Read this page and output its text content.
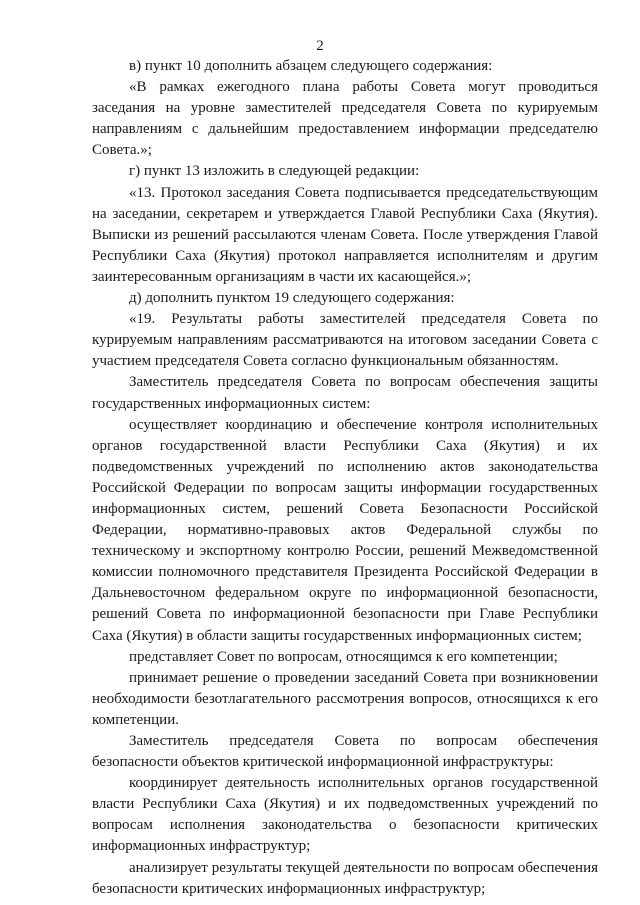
2

в) пункт 10 дополнить абзацем следующего содержания:

«В рамках ежегодного плана работы Совета могут проводиться заседания на уровне заместителей председателя Совета по курируемым направлениям с дальнейшим предоставлением информации председателю Совета.»;

г) пункт 13 изложить в следующей редакции:

«13. Протокол заседания Совета подписывается председательствующим на заседании, секретарем и утверждается Главой Республики Саха (Якутия). Выписки из решений рассылаются членам Совета. После утверждения Главой Республики Саха (Якутия) протокол направляется исполнителям и другим заинтересованным организациям в части их касающейся.»;

д) дополнить пунктом 19 следующего содержания:

«19. Результаты работы заместителей председателя Совета по курируемым направлениям рассматриваются на итоговом заседании Совета с участием председателя Совета согласно функциональным обязанностям.

Заместитель председателя Совета по вопросам обеспечения защиты государственных информационных систем:

осуществляет координацию и обеспечение контроля исполнительных органов государственной власти Республики Саха (Якутия) и их подведомственных учреждений по исполнению актов законодательства Российской Федерации по вопросам защиты информации государственных информационных систем, решений Совета Безопасности Российской Федерации, нормативно-правовых актов Федеральной службы по техническому и экспортному контролю России, решений Межведомственной комиссии полномочного представителя Президента Российской Федерации в Дальневосточном федеральном округе по информационной безопасности, решений Совета по информационной безопасности при Главе Республики Саха (Якутия) в области защиты государственных информационных систем;

представляет Совет по вопросам, относящимся к его компетенции;

принимает решение о проведении заседаний Совета при возникновении необходимости безотлагательного рассмотрения вопросов, относящихся к его компетенции.

Заместитель председателя Совета по вопросам обеспечения безопасности объектов критической информационной инфраструктуры:

координирует деятельность исполнительных органов государственной власти Республики Саха (Якутия) и их подведомственных учреждений по вопросам исполнения законодательства о безопасности критических информационных инфраструктур;

анализирует результаты текущей деятельности по вопросам обеспечения безопасности критических информационных инфраструктур;
